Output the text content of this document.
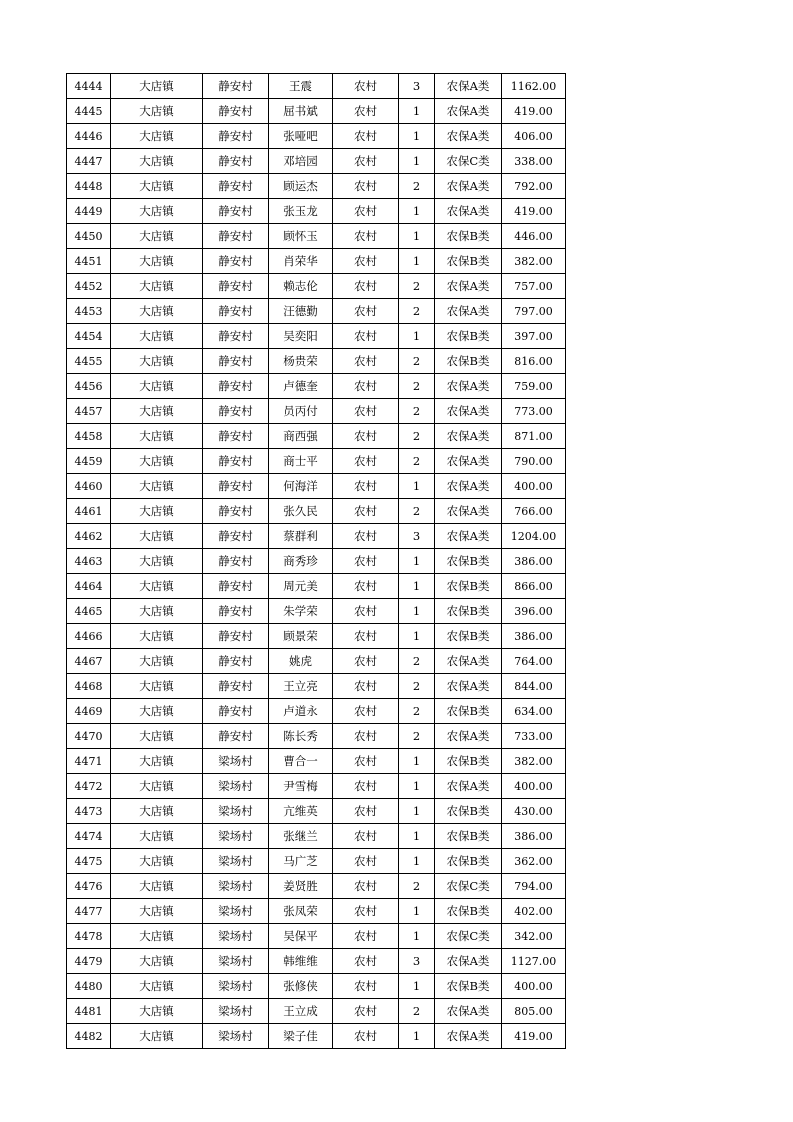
4444	大店镇	静安村	王震	农村	3	农保A类	1162.00
4445	大店镇	静安村	屈书斌	农村	1	农保A类	419.00
4446	大店镇	静安村	张哑吧	农村	1	农保A类	406.00
4447	大店镇	静安村	邓培园	农村	1	农保C类	338.00
4448	大店镇	静安村	顾运杰	农村	2	农保A类	792.00
4449	大店镇	静安村	张玉龙	农村	1	农保A类	419.00
4450	大店镇	静安村	顾怀玉	农村	1	农保B类	446.00
4451	大店镇	静安村	肖荣华	农村	1	农保B类	382.00
4452	大店镇	静安村	赖志伦	农村	2	农保A类	757.00
4453	大店镇	静安村	汪德勤	农村	2	农保A类	797.00
4454	大店镇	静安村	吴奕阳	农村	1	农保B类	397.00
4455	大店镇	静安村	杨贵荣	农村	2	农保B类	816.00
4456	大店镇	静安村	卢德奎	农村	2	农保A类	759.00
4457	大店镇	静安村	员丙付	农村	2	农保A类	773.00
4458	大店镇	静安村	商西强	农村	2	农保A类	871.00
4459	大店镇	静安村	商士平	农村	2	农保A类	790.00
4460	大店镇	静安村	何海洋	农村	1	农保A类	400.00
4461	大店镇	静安村	张久民	农村	2	农保A类	766.00
4462	大店镇	静安村	蔡群利	农村	3	农保A类	1204.00
4463	大店镇	静安村	商秀珍	农村	1	农保B类	386.00
4464	大店镇	静安村	周元美	农村	1	农保B类	866.00
4465	大店镇	静安村	朱学荣	农村	1	农保B类	396.00
4466	大店镇	静安村	顾景荣	农村	1	农保B类	386.00
4467	大店镇	静安村	姚虎	农村	2	农保A类	764.00
4468	大店镇	静安村	王立亮	农村	2	农保A类	844.00
4469	大店镇	静安村	卢道永	农村	2	农保B类	634.00
4470	大店镇	静安村	陈长秀	农村	2	农保A类	733.00
4471	大店镇	梁场村	曹合一	农村	1	农保B类	382.00
4472	大店镇	梁场村	尹雪梅	农村	1	农保A类	400.00
4473	大店镇	梁场村	亢维英	农村	1	农保B类	430.00
4474	大店镇	梁场村	张继兰	农村	1	农保B类	386.00
4475	大店镇	梁场村	马广芝	农村	1	农保B类	362.00
4476	大店镇	梁场村	姜贤胜	农村	2	农保C类	794.00
4477	大店镇	梁场村	张凤荣	农村	1	农保B类	402.00
4478	大店镇	梁场村	吴保平	农村	1	农保C类	342.00
4479	大店镇	梁场村	韩维维	农村	3	农保A类	1127.00
4480	大店镇	梁场村	张修侠	农村	1	农保B类	400.00
4481	大店镇	梁场村	王立成	农村	2	农保A类	805.00
4482	大店镇	梁场村	梁子佳	农村	1	农保A类	419.00
